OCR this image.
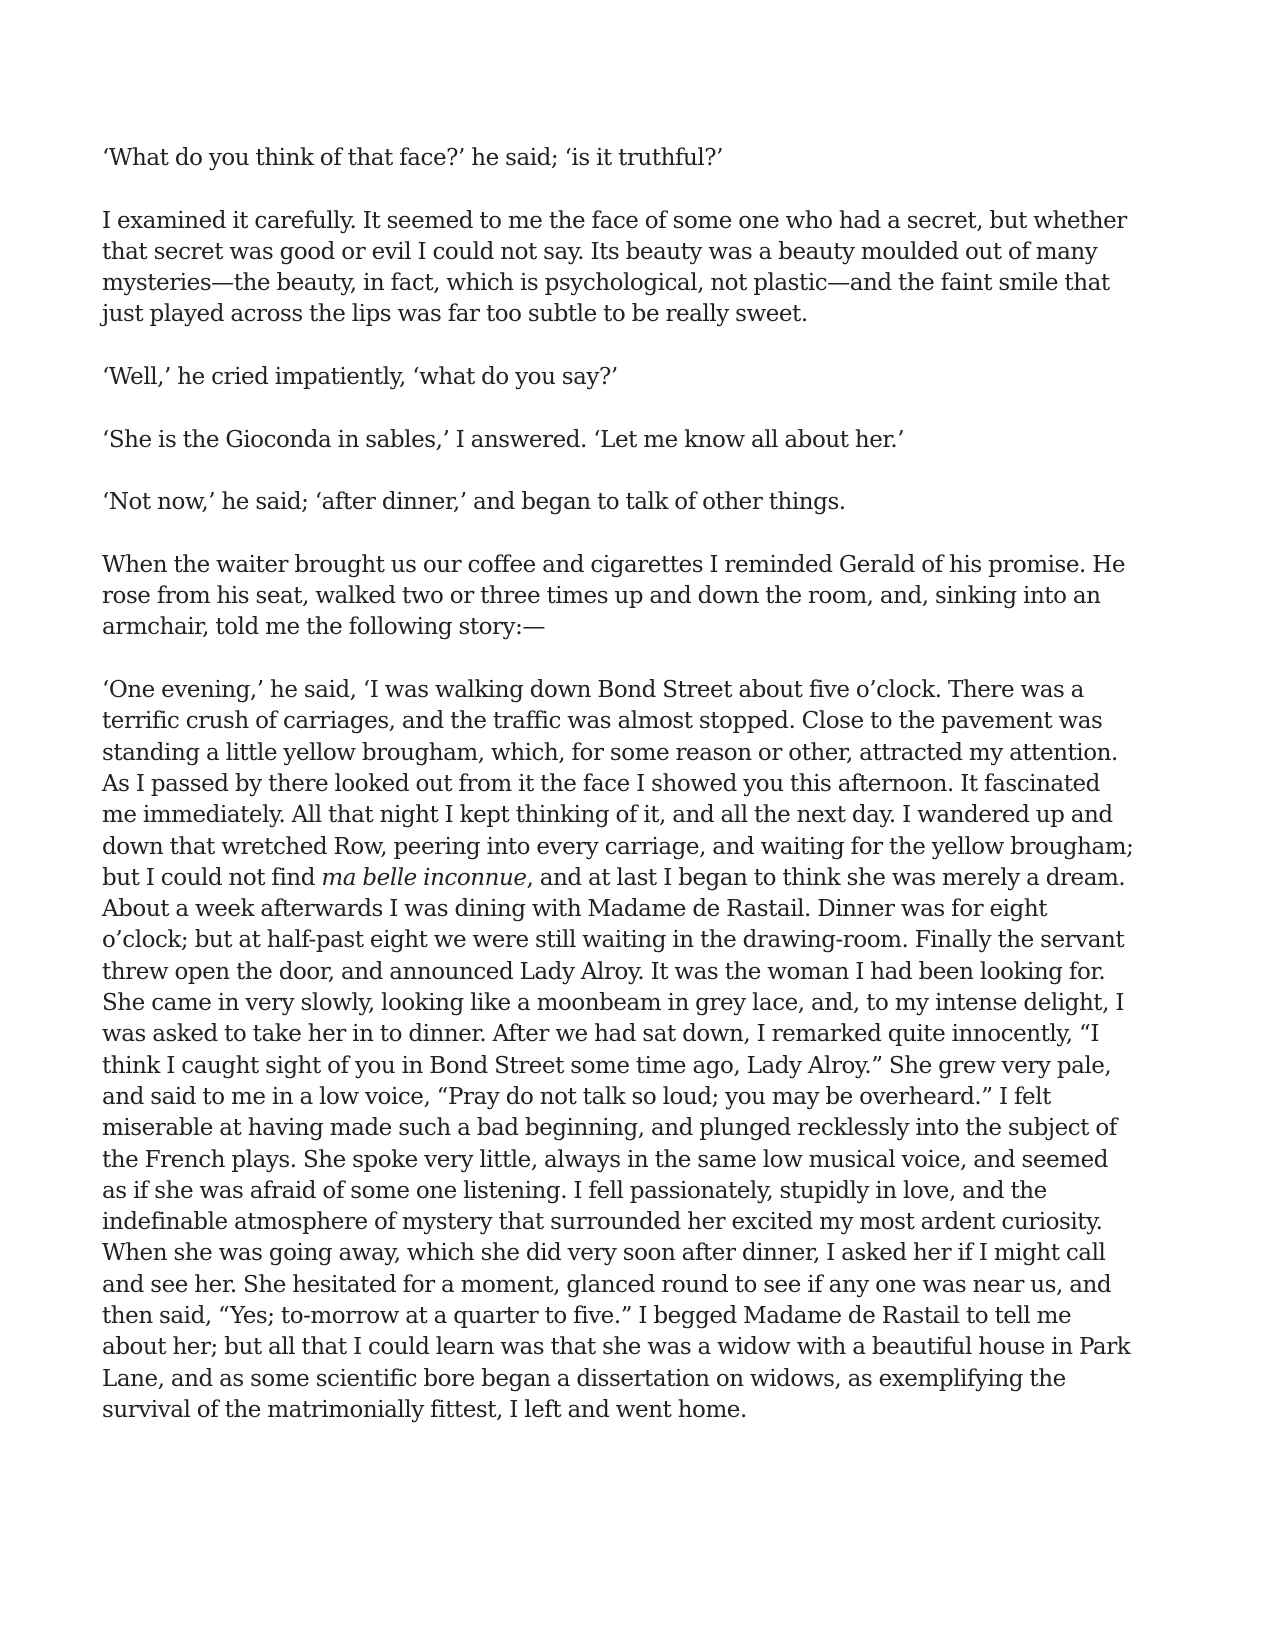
‘What do you think of that face?’ he said; ‘is it truthful?’

I examined it carefully. It seemed to me the face of some one who had a secret, but whether that secret was good or evil I could not say. Its beauty was a beauty moulded out of many mysteries—the beauty, in fact, which is psychological, not plastic—and the faint smile that just played across the lips was far too subtle to be really sweet.

‘Well,’ he cried impatiently, ‘what do you say?’

‘She is the Gioconda in sables,’ I answered. ‘Let me know all about her.’

‘Not now,’ he said; ‘after dinner,’ and began to talk of other things.

When the waiter brought us our coffee and cigarettes I reminded Gerald of his promise. He rose from his seat, walked two or three times up and down the room, and, sinking into an armchair, told me the following story:—

‘One evening,’ he said, ‘I was walking down Bond Street about five o’clock. There was a terrific crush of carriages, and the traffic was almost stopped. Close to the pavement was standing a little yellow brougham, which, for some reason or other, attracted my attention. As I passed by there looked out from it the face I showed you this afternoon. It fascinated me immediately. All that night I kept thinking of it, and all the next day. I wandered up and down that wretched Row, peering into every carriage, and waiting for the yellow brougham; but I could not find ma belle inconnue, and at last I began to think she was merely a dream. About a week afterwards I was dining with Madame de Rastail. Dinner was for eight o’clock; but at half-past eight we were still waiting in the drawing-room. Finally the servant threw open the door, and announced Lady Alroy. It was the woman I had been looking for. She came in very slowly, looking like a moonbeam in grey lace, and, to my intense delight, I was asked to take her in to dinner. After we had sat down, I remarked quite innocently, “I think I caught sight of you in Bond Street some time ago, Lady Alroy.” She grew very pale, and said to me in a low voice, “Pray do not talk so loud; you may be overheard.” I felt miserable at having made such a bad beginning, and plunged recklessly into the subject of the French plays. She spoke very little, always in the same low musical voice, and seemed as if she was afraid of some one listening. I fell passionately, stupidly in love, and the indefinable atmosphere of mystery that surrounded her excited my most ardent curiosity. When she was going away, which she did very soon after dinner, I asked her if I might call and see her. She hesitated for a moment, glanced round to see if any one was near us, and then said, “Yes; to-morrow at a quarter to five.” I begged Madame de Rastail to tell me about her; but all that I could learn was that she was a widow with a beautiful house in Park Lane, and as some scientific bore began a dissertation on widows, as exemplifying the survival of the matrimonially fittest, I left and went home.
